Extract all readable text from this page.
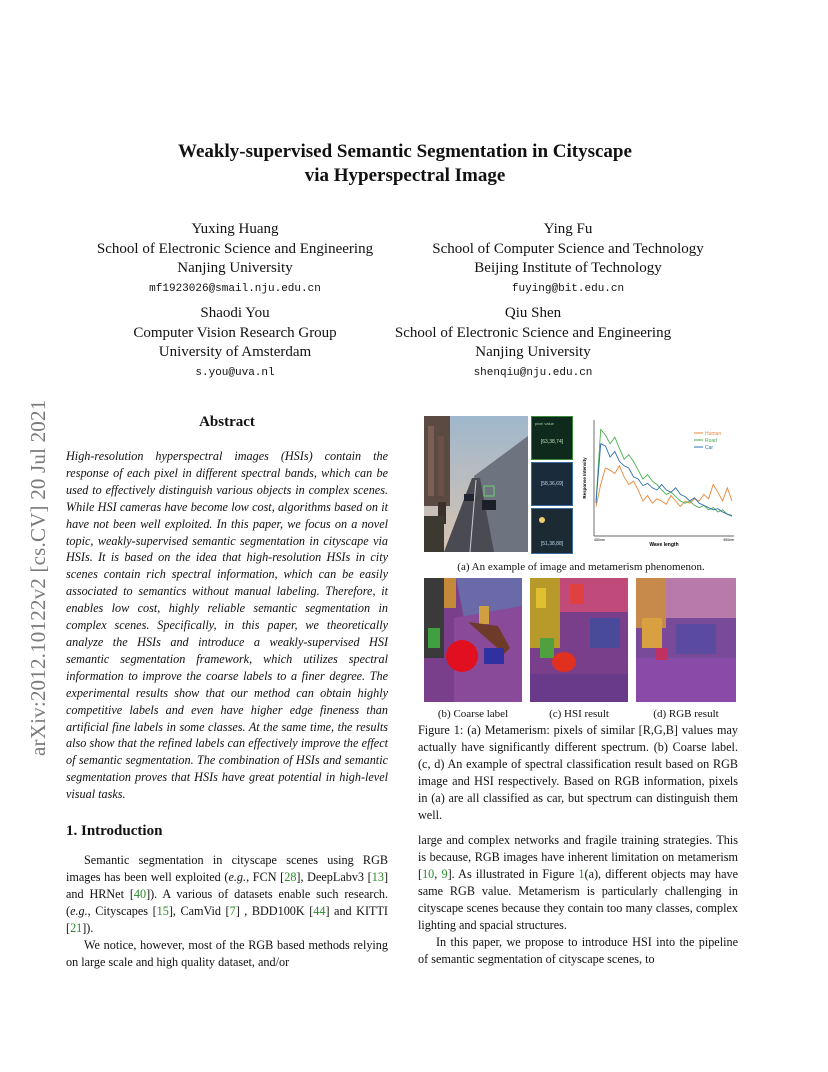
arXiv:2012.10122v2 [cs.CV] 20 Jul 2021
Weakly-supervised Semantic Segmentation in Cityscape
via Hyperspectral Image
Yuxing Huang
School of Electronic Science and Engineering
Nanjing University
mf1923026@smail.nju.edu.cn
Ying Fu
School of Computer Science and Technology
Beijing Institute of Technology
fuying@bit.edu.cn
Shaodi You
Computer Vision Research Group
University of Amsterdam
s.you@uva.nl
Qiu Shen
School of Electronic Science and Engineering
Nanjing University
shenqiu@nju.edu.cn
Abstract
High-resolution hyperspectral images (HSIs) contain the response of each pixel in different spectral bands, which can be used to effectively distinguish various objects in complex scenes. While HSI cameras have become low cost, algorithms based on it have not been well exploited. In this paper, we focus on a novel topic, weakly-supervised semantic segmentation in cityscape via HSIs. It is based on the idea that high-resolution HSIs in city scenes contain rich spectral information, which can be easily associated to semantics without manual labeling. Therefore, it enables low cost, highly reliable semantic segmentation in complex scenes. Specifically, in this paper, we theoretically analyze the HSIs and introduce a weakly-supervised HSI semantic segmentation framework, which utilizes spectral information to improve the coarse labels to a finer degree. The experimental results show that our method can obtain highly competitive labels and even have higher edge fineness than artificial fine labels in some classes. At the same time, the results also show that the refined labels can effectively improve the effect of semantic segmentation. The combination of HSIs and semantic segmentation proves that HSIs have great potential in high-level visual tasks.
1. Introduction
Semantic segmentation in cityscape scenes using RGB images has been well exploited (e.g., FCN [28], DeepLabv3 [13] and HRNet [40]). A various of datasets enable such research. (e.g., Cityscapes [15], CamVid [7] , BDD100K [44] and KITTI [21]).
We notice, however, most of the RGB based methods relying on large scale and high quality dataset, and/or
pixel value
[63,38,74]
[58,36,69]
[51,38,88]
Response Intensity
Wave length
450nm	950nm
Human
Road
Car
(a) An example of image and metamerism phenomenon.
(b) Coarse label	(c) HSI result	(d) RGB result
Figure 1: (a) Metamerism: pixels of similar [R,G,B] values may actually have significantly different spectrum. (b) Coarse label. (c, d) An example of spectral classification result based on RGB image and HSI respectively. Based on RGB information, pixels in (a) are all classified as car, but spectrum can distinguish them well.
large and complex networks and fragile training strategies. This is because, RGB images have inherent limitation on metamerism [10, 9]. As illustrated in Figure 1(a), different objects may have same RGB value. Metamerism is particularly challenging in cityscape scenes because they contain too many classes, complex lighting and spacial structures.
In this paper, we propose to introduce HSI into the pipeline of semantic segmentation of cityscape scenes, to
